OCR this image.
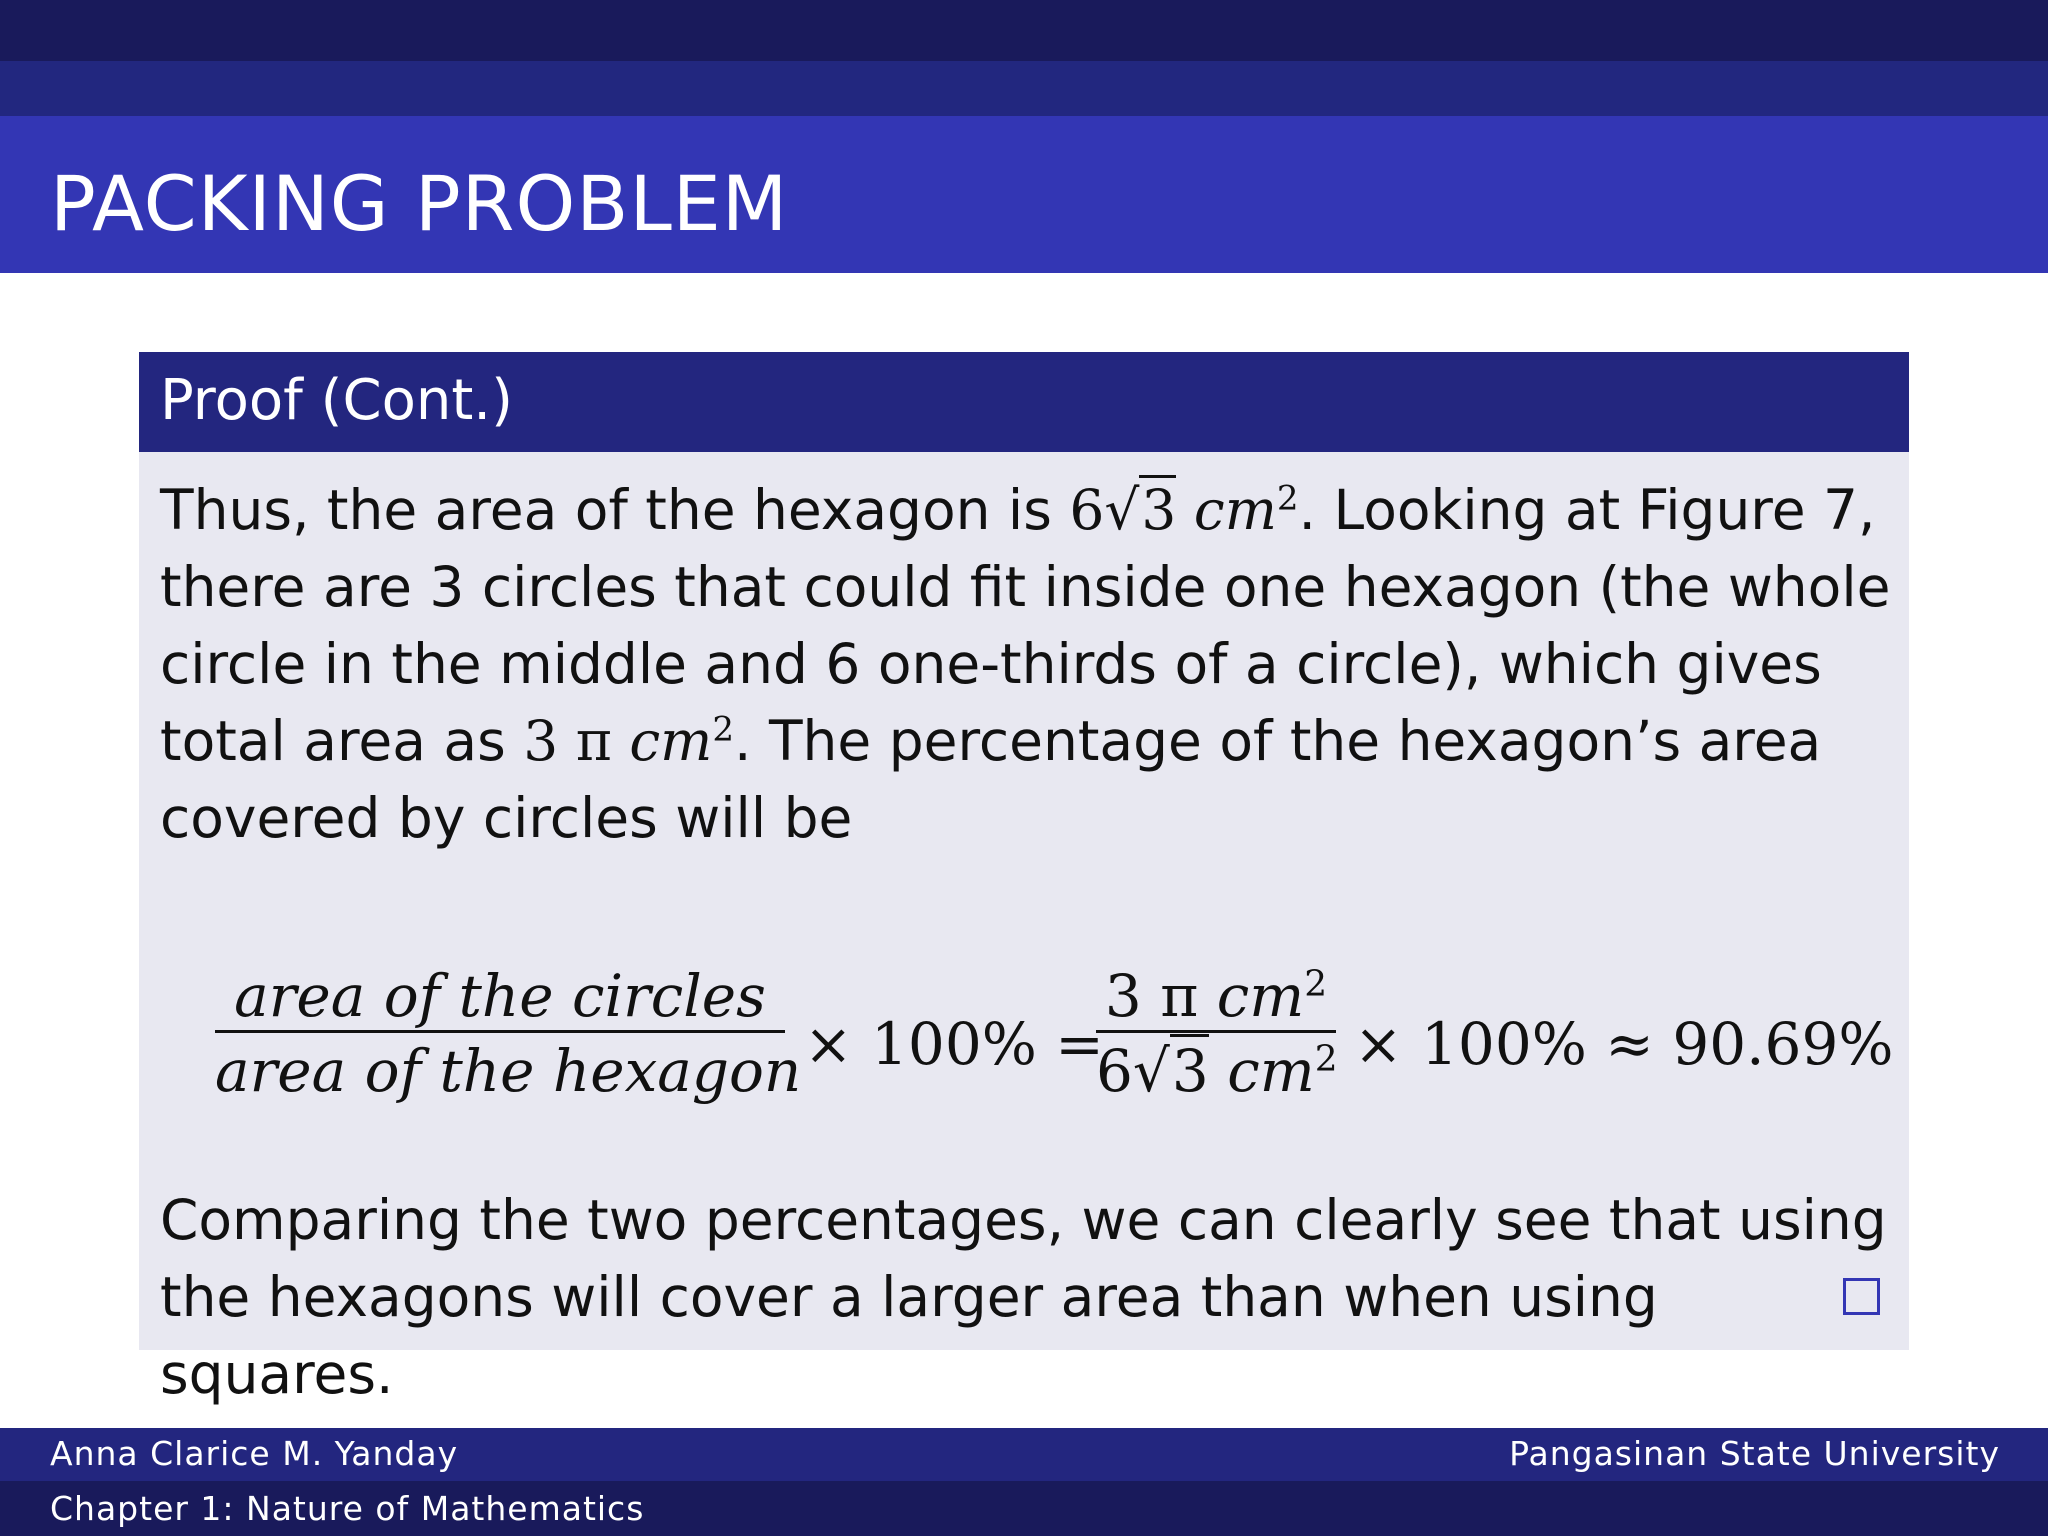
PACKING PROBLEM
Proof (Cont.)

Thus, the area of the hexagon is 6√3 $cm^2$. Looking at Figure 7, there are 3 circles that could fit inside one hexagon (the whole circle in the middle and 6 one-thirds of a circle), which gives total area as 3 π $cm^2$. The percentage of the hexagon’s area covered by circles will be

area of the circles
area of the hexagon × 100% =
$\frac{3 \pi cm^2}{6√3 cm^2} \times 100\% \approx 90.69\%$

Comparing the two percentages, we can clearly see that using the hexagons will cover a larger area than when using squares.

Anna Clarice M. Yanday	Pangasinan State University
Chapter 1: Nature of Mathematics
